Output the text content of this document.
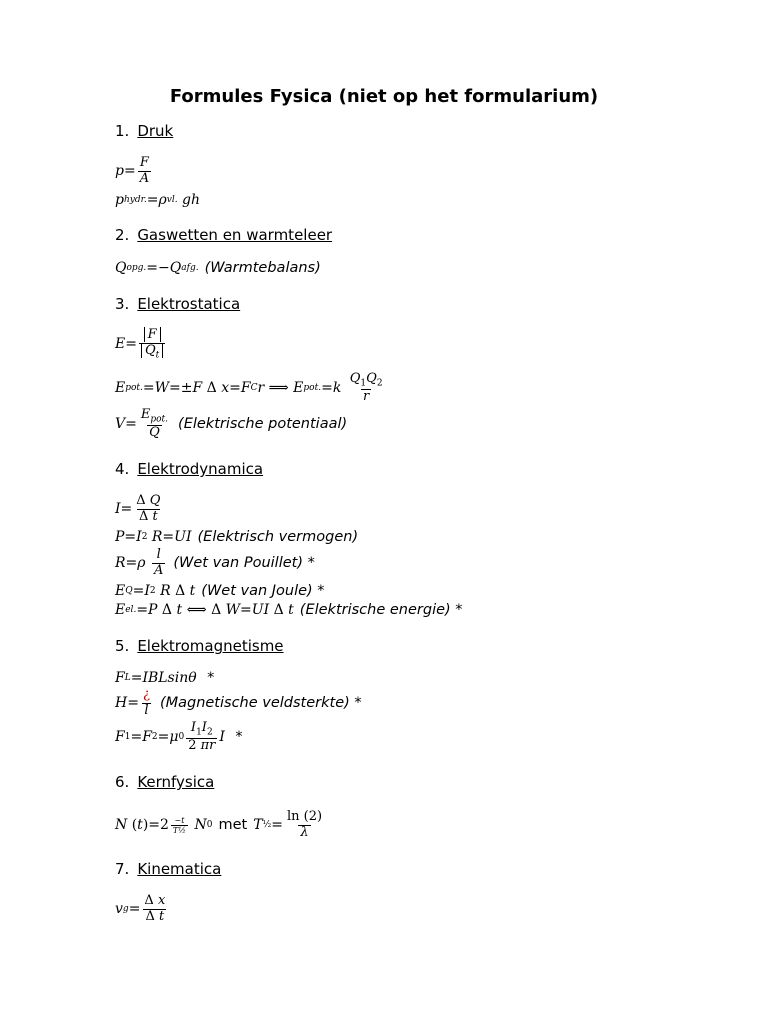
Formules Fysica (niet op het formularium)
1. Druk
$p = \frac{F}{A}$
p hydr. = ρ vl.
gh
2. Gaswetten en warmteleer
Q opg. =− Q afg. (Warmtebalans)
3. Elektrostatica
$E = \frac{F}{Q_t}$
E pot. = W =± F Δ x = F C r ⟹ E pot. = k
$\frac{Q_1Q_2}{r}$
$V = \frac{E_{pot.}}{Q}$ (Elektrische potentiaal)
4. Elektrodynamica
$I = \frac{\text{Δ Q}}{\text{Δ t}}$
P = I 2
R = UI (Elektrisch vermogen)
R = ρ
$\frac{l}{A} (Wet$ van Pouillet) *
E Q = I 2
R Δ t (Wet van Joule) *
E el. = P Δ t ⟺ Δ W = UI Δ t (Elektrische energie) *
5. Elektromagnetisme
F L = IBLsinθ
*
$H = \frac{¿}{l}$ (Magnetische veldsterkte) *
F 1 = F 2 = μ $0 \frac{I_1I_2}{2 \pi r}$ I
*
6. Kernfysica
N ( t )$=2 \frac{-t}{\text{T½}}$
N 0 met T ½ = $\frac{\ln (2)}{\lambda}$
7. Kinematica
v $g = \frac{\text{Δ x}}{\text{Δ t}}$
